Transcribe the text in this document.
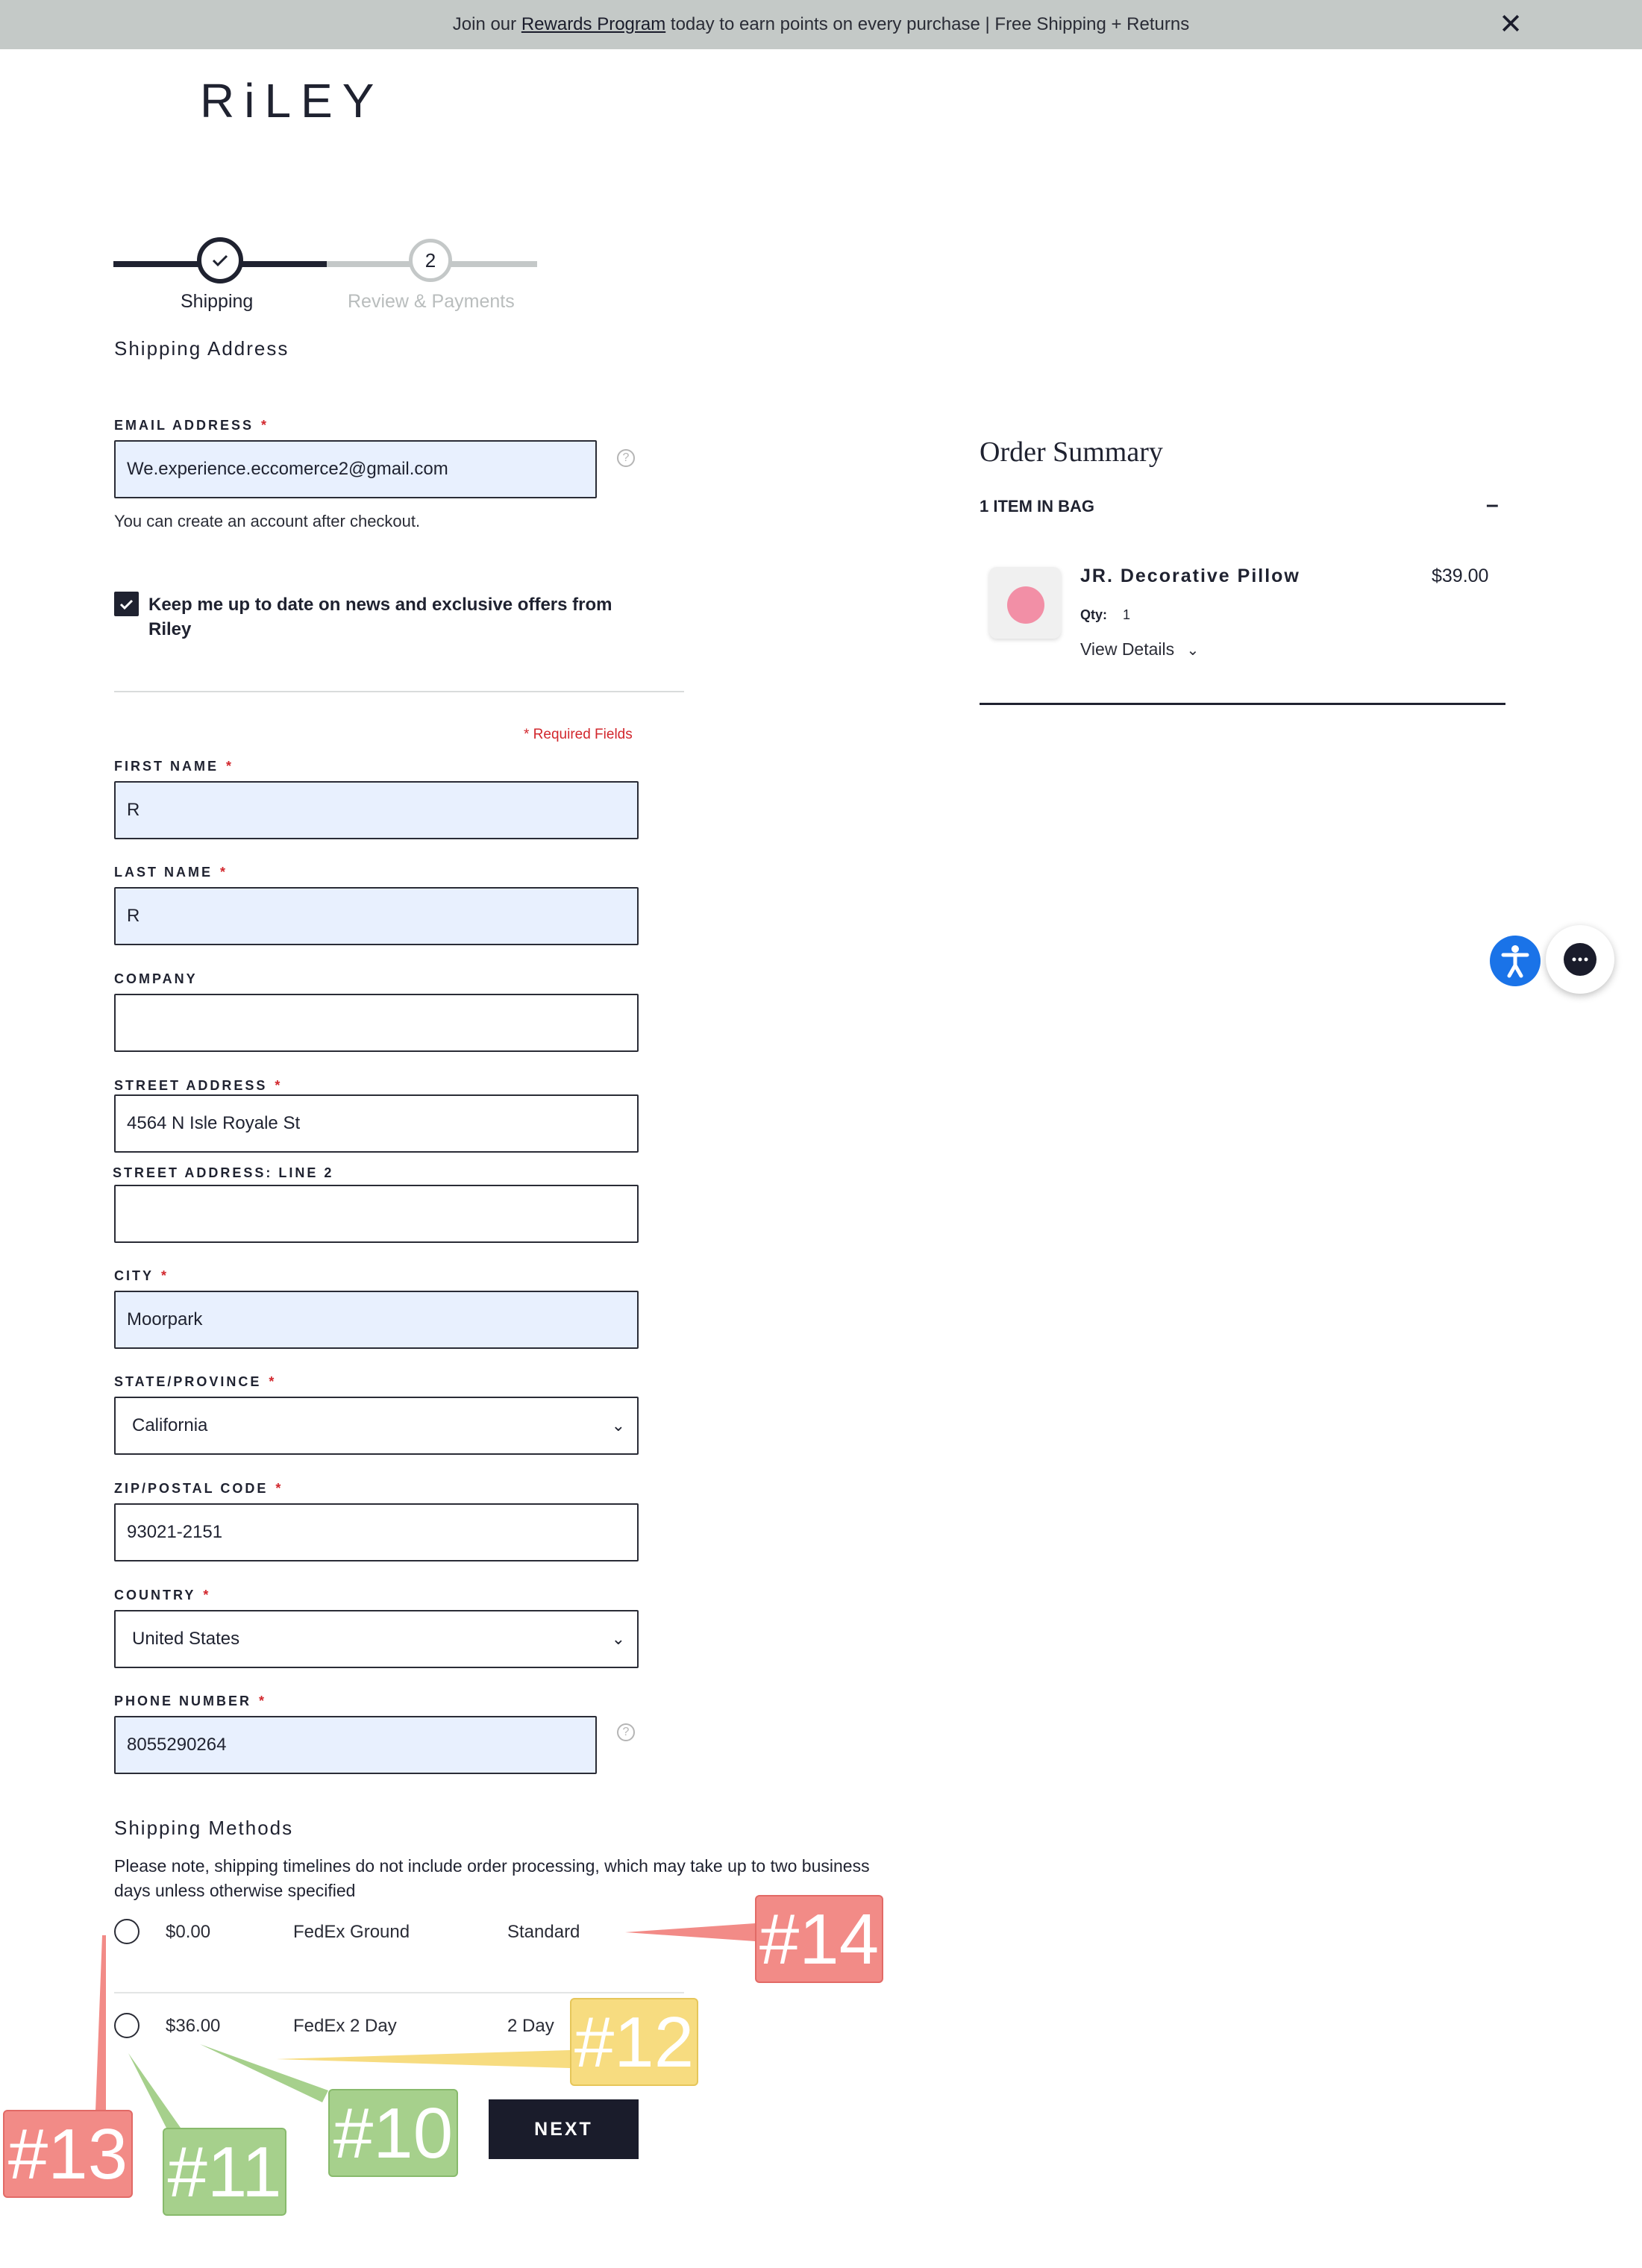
Join our Rewards Program today to earn points on every purchase | Free Shipping + Returns	✕
RiLEY
2
Shipping	Review & Payments
Shipping Address
EMAIL ADDRESS *
We.experience.eccomerce2@gmail.com
?
You can create an account after checkout.
Keep me up to date on news and exclusive offers from
Riley
* Required Fields
FIRST NAME *
R
LAST NAME *
R
COMPANY
STREET ADDRESS *
4564 N Isle Royale St
STREET ADDRESS: LINE 2
CITY *
Moorpark
STATE/PROVINCE *
California	⌄
ZIP/POSTAL CODE *
93021-2151
COUNTRY *
United States	⌄
PHONE NUMBER *
8055290264
?
Shipping Methods
Please note, shipping timelines do not include order processing, which may take up to two business
days unless otherwise specified
$0.00	FedEx Ground	Standard
$36.00	FedEx 2 Day	2 Day
NEXT
Order Summary
1 ITEM IN BAG	–
JR. Decorative Pillow	$39.00
Qty: 1
View Details ⌄
#14
#12
#10
#11
#13
